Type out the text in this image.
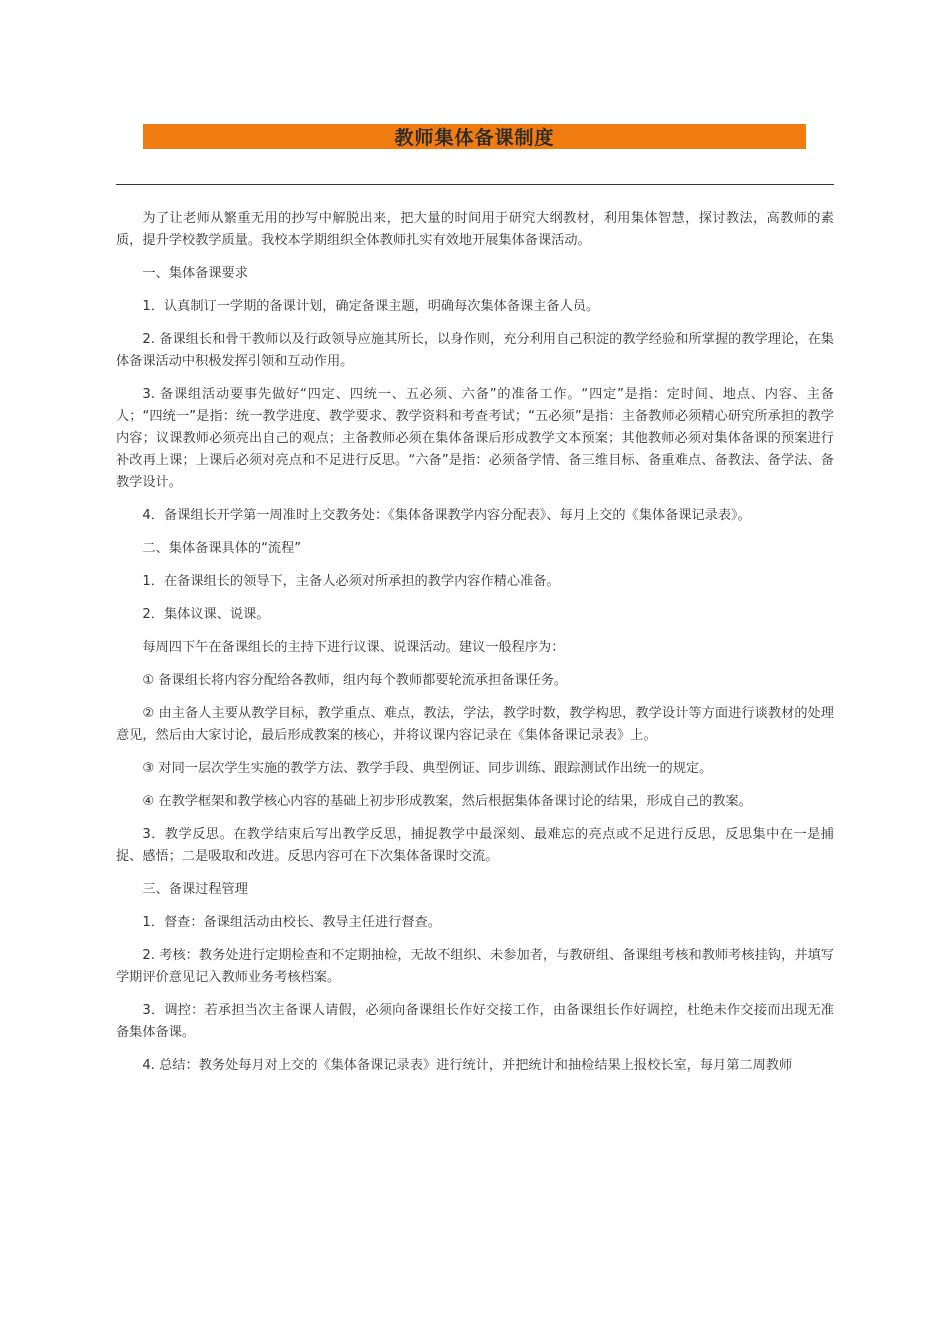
教师集体备课制度

为了让老师从繁重无用的抄写中解脱出来，把大量的时间用于研究大纲教材，利用集体智慧，探讨教法，高教师的素质，提升学校教学质量。我校本学期组织全体教师扎实有效地开展集体备课活动。

一、集体备课要求

1．认真制订一学期的备课计划，确定备课主题，明确每次集体备课主备人员。

2. 备课组长和骨干教师以及行政领导应施其所长，以身作则，充分利用自己积淀的教学经验和所掌握的教学理论，在集体备课活动中积极发挥引领和互动作用。

3. 备课组活动要事先做好“四定、四统一、五必须、六备”的准备工作。“四定”是指：定时间、地点、内容、主备人；“四统一”是指：统一教学进度、教学要求、教学资料和考查考试；“五必须”是指：主备教师必须精心研究所承担的教学内容；议课教师必须亮出自己的观点；主备教师必须在集体备课后形成教学文本预案；其他教师必须对集体备课的预案进行补改再上课；上课后必须对亮点和不足进行反思。“六备”是指：必须备学情、备三维目标、备重难点、备教法、备学法、备教学设计。

4．备课组长开学第一周准时上交教务处：《集体备课教学内容分配表》、每月上交的《集体备课记录表》。

二、集体备课具体的“流程”

1．在备课组长的领导下，主备人必须对所承担的教学内容作精心准备。

2．集体议课、说课。

每周四下午在备课组长的主持下进行议课、说课活动。建议一般程序为：

① 备课组长将内容分配给各教师，组内每个教师都要轮流承担备课任务。

② 由主备人主要从教学目标，教学重点、难点，教法，学法，教学时数，教学构思，教学设计等方面进行谈教材的处理意见，然后由大家讨论，最后形成教案的核心，并将议课内容记录在《集体备课记录表》上。

③ 对同一层次学生实施的教学方法、教学手段、典型例证、同步训练、跟踪测试作出统一的规定。

④ 在教学框架和教学核心内容的基础上初步形成教案，然后根据集体备课讨论的结果，形成自己的教案。

3．教学反思。在教学结束后写出教学反思，捕捉教学中最深刻、最难忘的亮点或不足进行反思，反思集中在一是捕捉、感悟；二是吸取和改进。反思内容可在下次集体备课时交流。

三、备课过程管理

1．督查：备课组活动由校长、教导主任进行督查。

2. 考核：教务处进行定期检查和不定期抽检，无故不组织、未参加者，与教研组、备课组考核和教师考核挂钩，并填写学期评价意见记入教师业务考核档案。

3．调控：若承担当次主备课人请假，必须向备课组长作好交接工作，由备课组长作好调控，杜绝未作交接而出现无准备集体备课。

4. 总结：教务处每月对上交的《集体备课记录表》进行统计，并把统计和抽检结果上报校长室，每月第二周教师
